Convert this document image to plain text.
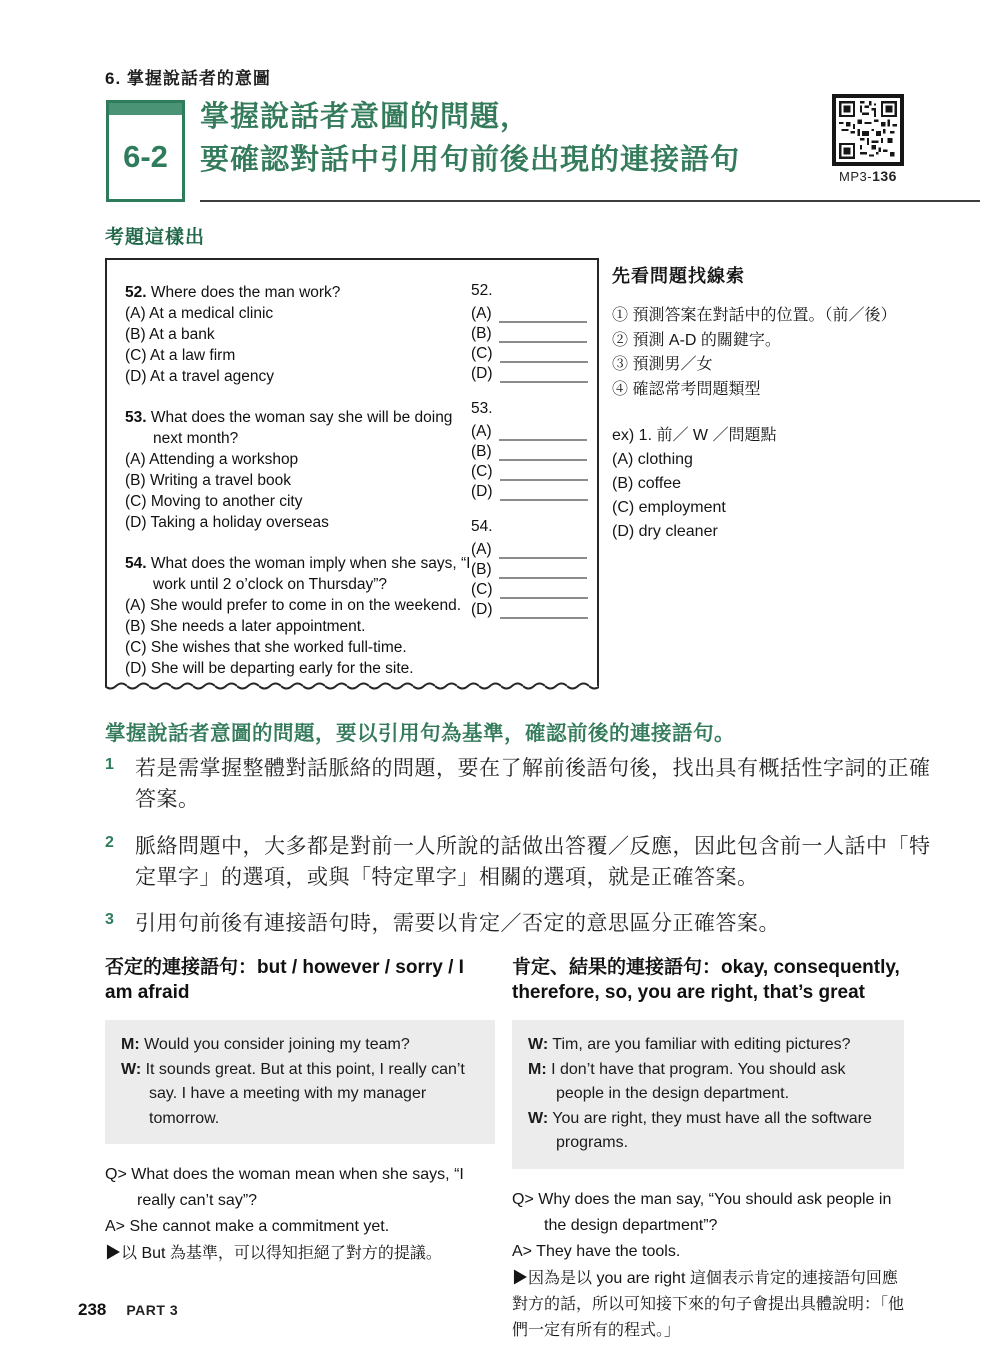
6. 掌握說話者的意圖
6-2
掌握說話者意圖的問題，
要確認對話中引用句前後出現的連接語句
MP3-136
考題這樣出
52. Where does the man work?
(A) At a medical clinic
(B) At a bank
(C) At a law firm
(D) At a travel agency
53. What does the woman say she will be doing next month?
(A) Attending a workshop
(B) Writing a travel book
(C) Moving to another city
(D) Taking a holiday overseas
54. What does the woman imply when she says, “I work until 2 o’clock on Thursday”?
(A) She would prefer to come in on the weekend.
(B) She needs a later appointment.
(C) She wishes that she worked full-time.
(D) She will be departing early for the site.
52.
(A)
(B)
(C)
(D)
53.
(A)
(B)
(C)
(D)
54.
(A)
(B)
(C)
(D)
先看問題找線索
① 預測答案在對話中的位置。（前／後）
② 預測 A-D 的關鍵字。
③ 預測男／女
④ 確認常考問題類型
ex) 1. 前／ W ／問題點
(A) clothing
(B) coffee
(C) employment
(D) dry cleaner
掌握說話者意圖的問題，要以引用句為基準，確認前後的連接語句。
1	若是需掌握整體對話脈絡的問題，要在了解前後語句後，找出具有概括性字詞的正確答案。
2	脈絡問題中，大多都是對前一人所說的話做出答覆／反應，因此包含前一人話中「特定單字」的選項，或與「特定單字」相關的選項，就是正確答案。
3	引用句前後有連接語句時，需要以肯定／否定的意思區分正確答案。
否定的連接語句：but / however / sorry / I am afraid
M: Would you consider joining my team?
W: It sounds great. But at this point, I really can’t say. I have a meeting with my manager tomorrow.
Q> What does the woman mean when she says, “I really can’t say”?
A> She cannot make a commitment yet.
▶以 But 為基準，可以得知拒絕了對方的提議。
肯定、結果的連接語句：okay, consequently, therefore, so, you are right, that’s great
W: Tim, are you familiar with editing pictures?
M: I don’t have that program. You should ask people in the design department.
W: You are right, they must have all the software programs.
Q> Why does the man say, “You should ask people in the design department”?
A> They have the tools.
▶因為是以 you are right 這個表示肯定的連接語句回應對方的話，所以可知接下來的句子會提出具體說明：「他們一定有所有的程式。」
238 PART 3
